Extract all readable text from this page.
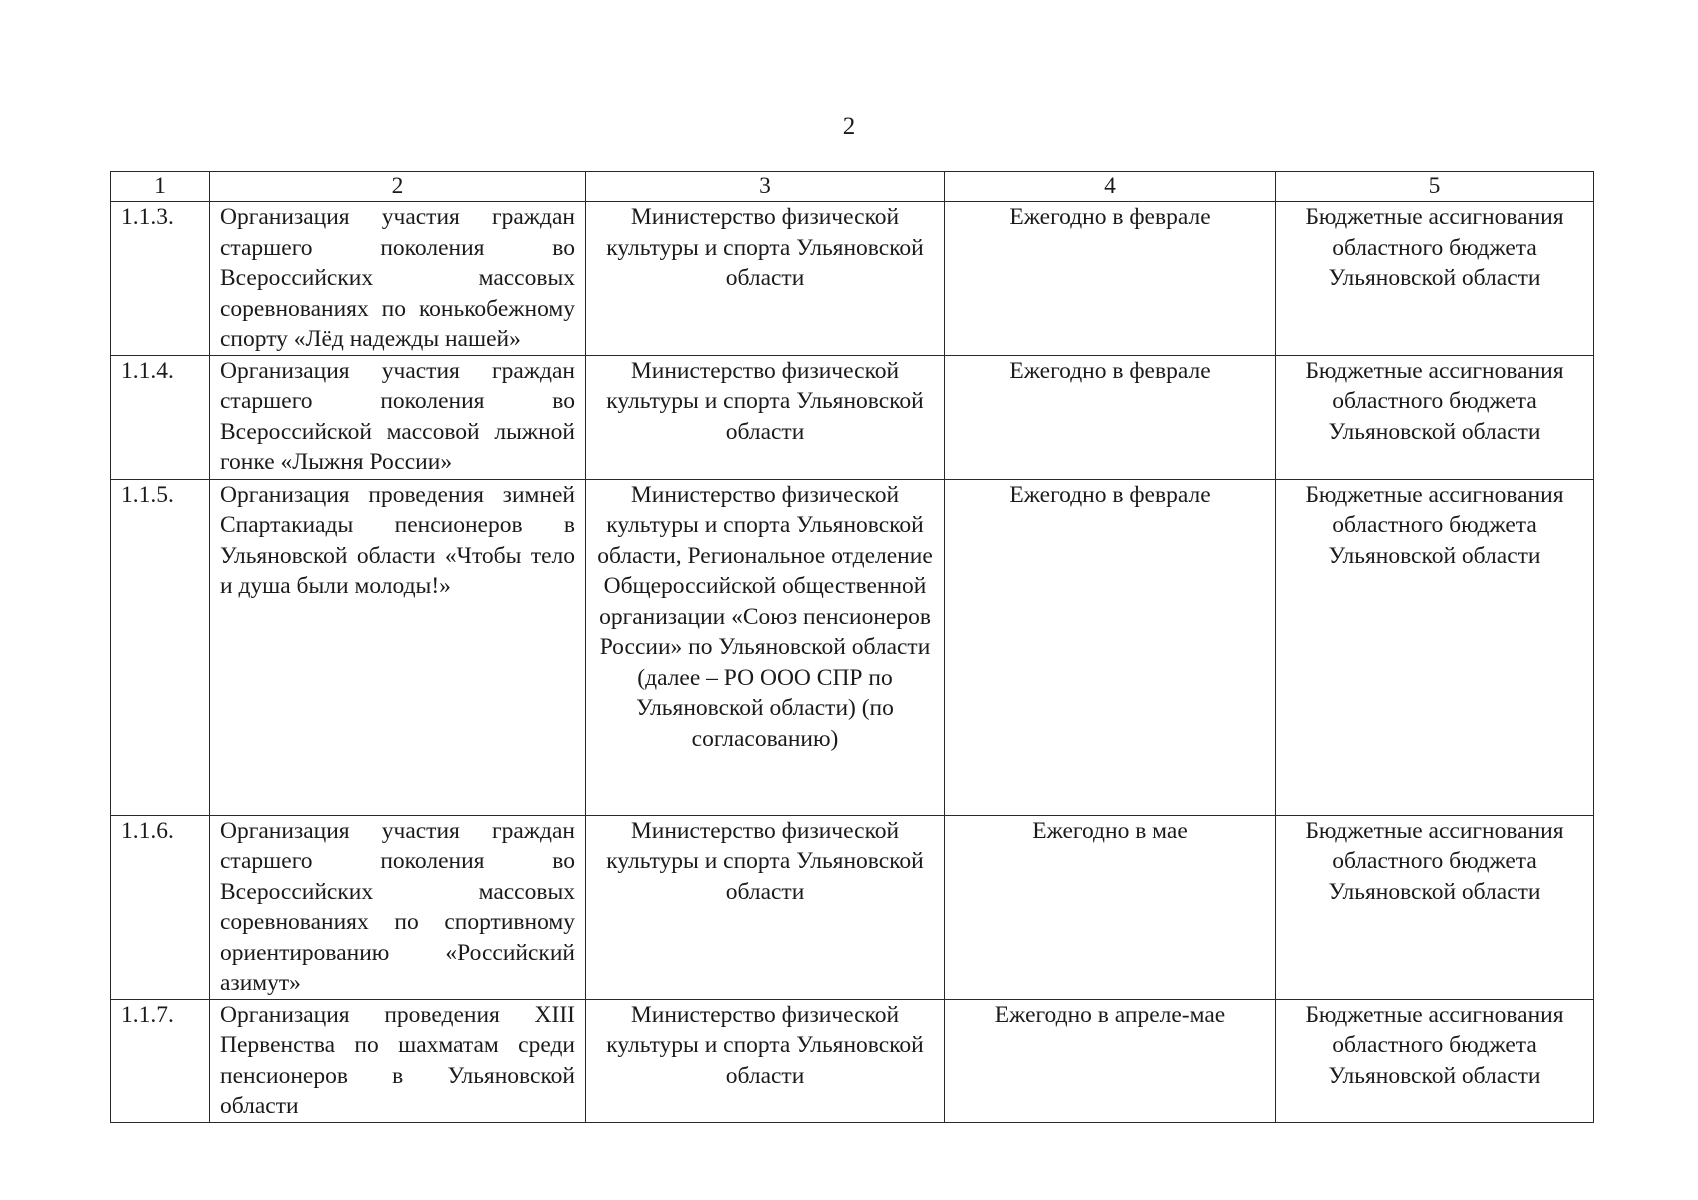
2
1	2	3	4	5
1.1.3.	Организация участия граждан старшего поколения во Всероссийских массовых соревнованиях по конькобежному спорту «Лёд надежды нашей»	Министерство физической культуры и спорта Ульяновской области	Ежегодно в феврале	Бюджетные ассигнования областного бюджета Ульяновской области
1.1.4.	Организация участия граждан старшего поколения во Всероссийской массовой лыжной гонке «Лыжня России»	Министерство физической культуры и спорта Ульяновской области	Ежегодно в феврале	Бюджетные ассигнования областного бюджета Ульяновской области
1.1.5.	Организация проведения зимней Спартакиады пенсионеров в Ульяновской области «Чтобы тело и душа были молоды!»	Министерство физической культуры и спорта Ульяновской области, Региональное отделение Общероссийской общественной организации «Союз пенсионеров России» по Ульяновской области (далее – РО ООО СПР по Ульяновской области) (по согласованию)	Ежегодно в феврале	Бюджетные ассигнования областного бюджета Ульяновской области
1.1.6.	Организация участия граждан старшего поколения во Всероссийских массовых соревнованиях по спортивному ориентированию «Российский азимут»	Министерство физической культуры и спорта Ульяновской области	Ежегодно в мае	Бюджетные ассигнования областного бюджета Ульяновской области
1.1.7.	Организация проведения XIII Первенства по шахматам среди пенсионеров в Ульяновской области	Министерство физической культуры и спорта Ульяновской области	Ежегодно в апреле-мае	Бюджетные ассигнования областного бюджета Ульяновской области
